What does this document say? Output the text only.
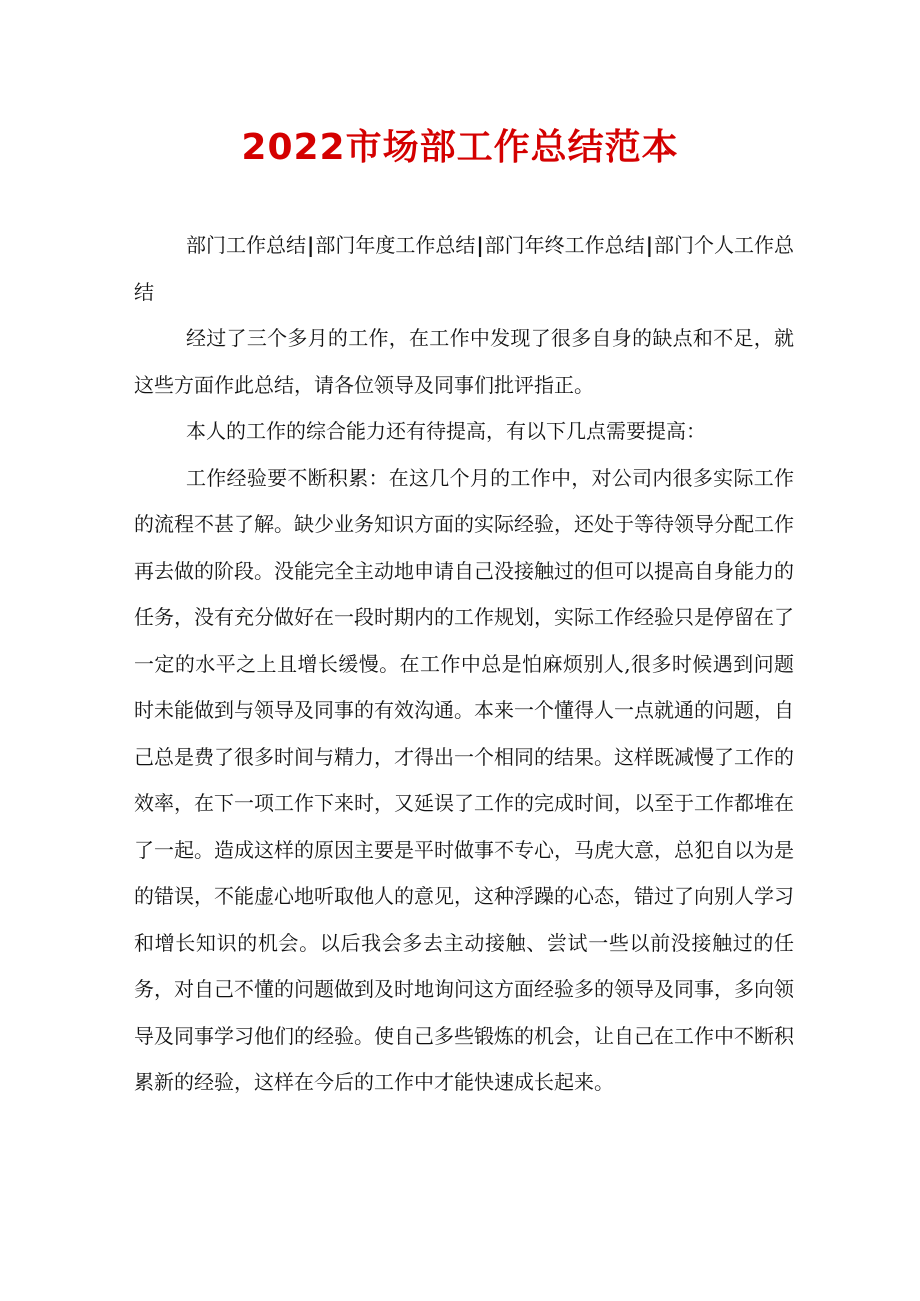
2022市场部工作总结范本

部门工作总结|部门年度工作总结|部门年终工作总结|部门个人工作总结

经过了三个多月的工作，在工作中发现了很多自身的缺点和不足，就这些方面作此总结，请各位领导及同事们批评指正。

本人的工作的综合能力还有待提高，有以下几点需要提高：

工作经验要不断积累：在这几个月的工作中，对公司内很多实际工作的流程不甚了解。缺少业务知识方面的实际经验，还处于等待领导分配工作再去做的阶段。没能完全主动地申请自己没接触过的但可以提高自身能力的任务，没有充分做好在一段时期内的工作规划，实际工作经验只是停留在了一定的水平之上且增长缓慢。在工作中总是怕麻烦别人,很多时候遇到问题时未能做到与领导及同事的有效沟通。本来一个懂得人一点就通的问题，自己总是费了很多时间与精力，才得出一个相同的结果。这样既减慢了工作的效率，在下一项工作下来时，又延误了工作的完成时间，以至于工作都堆在了一起。造成这样的原因主要是平时做事不专心，马虎大意，总犯自以为是的错误，不能虚心地听取他人的意见，这种浮躁的心态，错过了向别人学习和增长知识的机会。以后我会多去主动接触、尝试一些以前没接触过的任务，对自己不懂的问题做到及时地询问这方面经验多的领导及同事，多向领导及同事学习他们的经验。使自己多些锻炼的机会，让自己在工作中不断积累新的经验，这样在今后的工作中才能快速成长起来。
